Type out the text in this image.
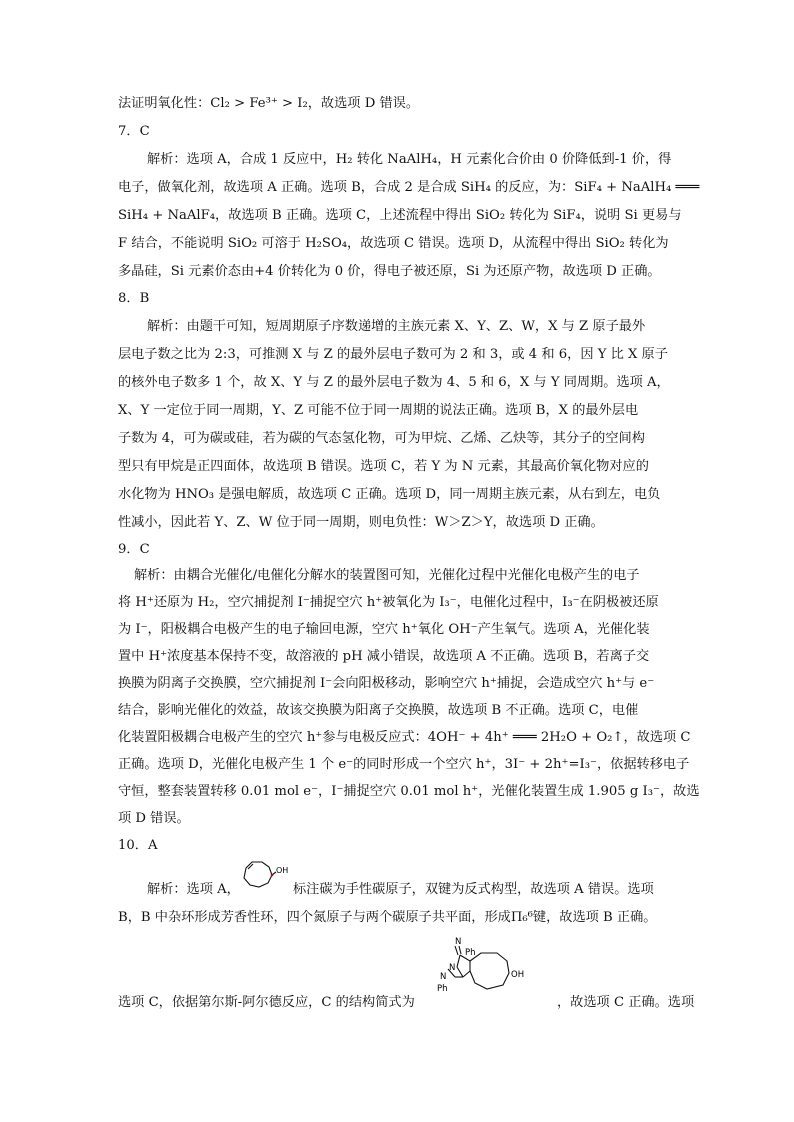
法证明氧化性：Cl₂ > Fe³⁺ > I₂，故选项 D 错误。
7．C
解析：选项 A，合成 1 反应中，H₂ 转化 NaAlH₄，H 元素化合价由 0 价降低到-1 价，得
电子，做氧化剂，故选项 A 正确。选项 B，合成 2 是合成 SiH₄ 的反应，为：SiF₄ + NaAlH₄ ═══
SiH₄ + NaAlF₄，故选项 B 正确。选项 C，上述流程中得出 SiO₂ 转化为 SiF₄，说明 Si 更易与
F 结合，不能说明 SiO₂ 可溶于 H₂SO₄，故选项 C 错误。选项 D，从流程中得出 SiO₂ 转化为
多晶硅，Si 元素价态由+4 价转化为 0 价，得电子被还原，Si 为还原产物，故选项 D 正确。
8．B
解析：由题干可知，短周期原子序数递增的主族元素 X、Y、Z、W，X 与 Z 原子最外
层电子数之比为 2:3，可推测 X 与 Z 的最外层电子数可为 2 和 3，或 4 和 6，因 Y 比 X 原子
的核外电子数多 1 个，故 X、Y 与 Z 的最外层电子数为 4、5 和 6，X 与 Y 同周期。选项 A，
X、Y 一定位于同一周期，Y、Z 可能不位于同一周期的说法正确。选项 B，X 的最外层电
子数为 4，可为碳或硅，若为碳的气态氢化物，可为甲烷、乙烯、乙炔等，其分子的空间构
型只有甲烷是正四面体，故选项 B 错误。选项 C，若 Y 为 N 元素，其最高价氧化物对应的
水化物为 HNO₃ 是强电解质，故选项 C 正确。选项 D，同一周期主族元素，从右到左，电负
性减小，因此若 Y、Z、W 位于同一周期，则电负性：W＞Z＞Y，故选项 D 正确。
9．C
解析：由耦合光催化/电催化分解水的装置图可知，光催化过程中光催化电极产生的电子
将 H⁺还原为 H₂，空穴捕捉剂 I⁻捕捉空穴 h⁺被氧化为 I₃⁻，电催化过程中，I₃⁻在阴极被还原
为 I⁻，阳极耦合电极产生的电子输回电源，空穴 h⁺氧化 OH⁻产生氧气。选项 A，光催化装
置中 H⁺浓度基本保持不变，故溶液的 pH 减小错误，故选项 A 不正确。选项 B，若离子交
换膜为阴离子交换膜，空穴捕捉剂 I⁻会向阳极移动，影响空穴 h⁺捕捉，会造成空穴 h⁺与 e⁻
结合，影响光催化的效益，故该交换膜为阳离子交换膜，故选项 B 不正确。选项 C，电催
化装置阳极耦合电极产生的空穴 h⁺参与电极反应式：4OH⁻ + 4h⁺ ═══ 2H₂O + O₂↑，故选项 C
正确。选项 D，光催化电极产生 1 个 e⁻的同时形成一个空穴 h⁺，3I⁻ + 2h⁺=I₃⁻，依据转移电子
守恒，整套装置转移 0.01 mol e⁻，I⁻捕捉空穴 0.01 mol h⁺，光催化装置生成 1.905 g I₃⁻，故选
项 D 错误。
10．A
解析：选项 A，
OH
标注碳为手性碳原子，双键为反式构型，故选项 A 错误。选项
B，B 中杂环形成芳香性环，四个氮原子与两个碳原子共平面，形成Π₆⁶键，故选项 B 正确。
N
Ph
N
N
Ph
OH
选项 C，依据第尔斯-阿尔德反应，C 的结构简式为	，故选项 C 正确。选项
